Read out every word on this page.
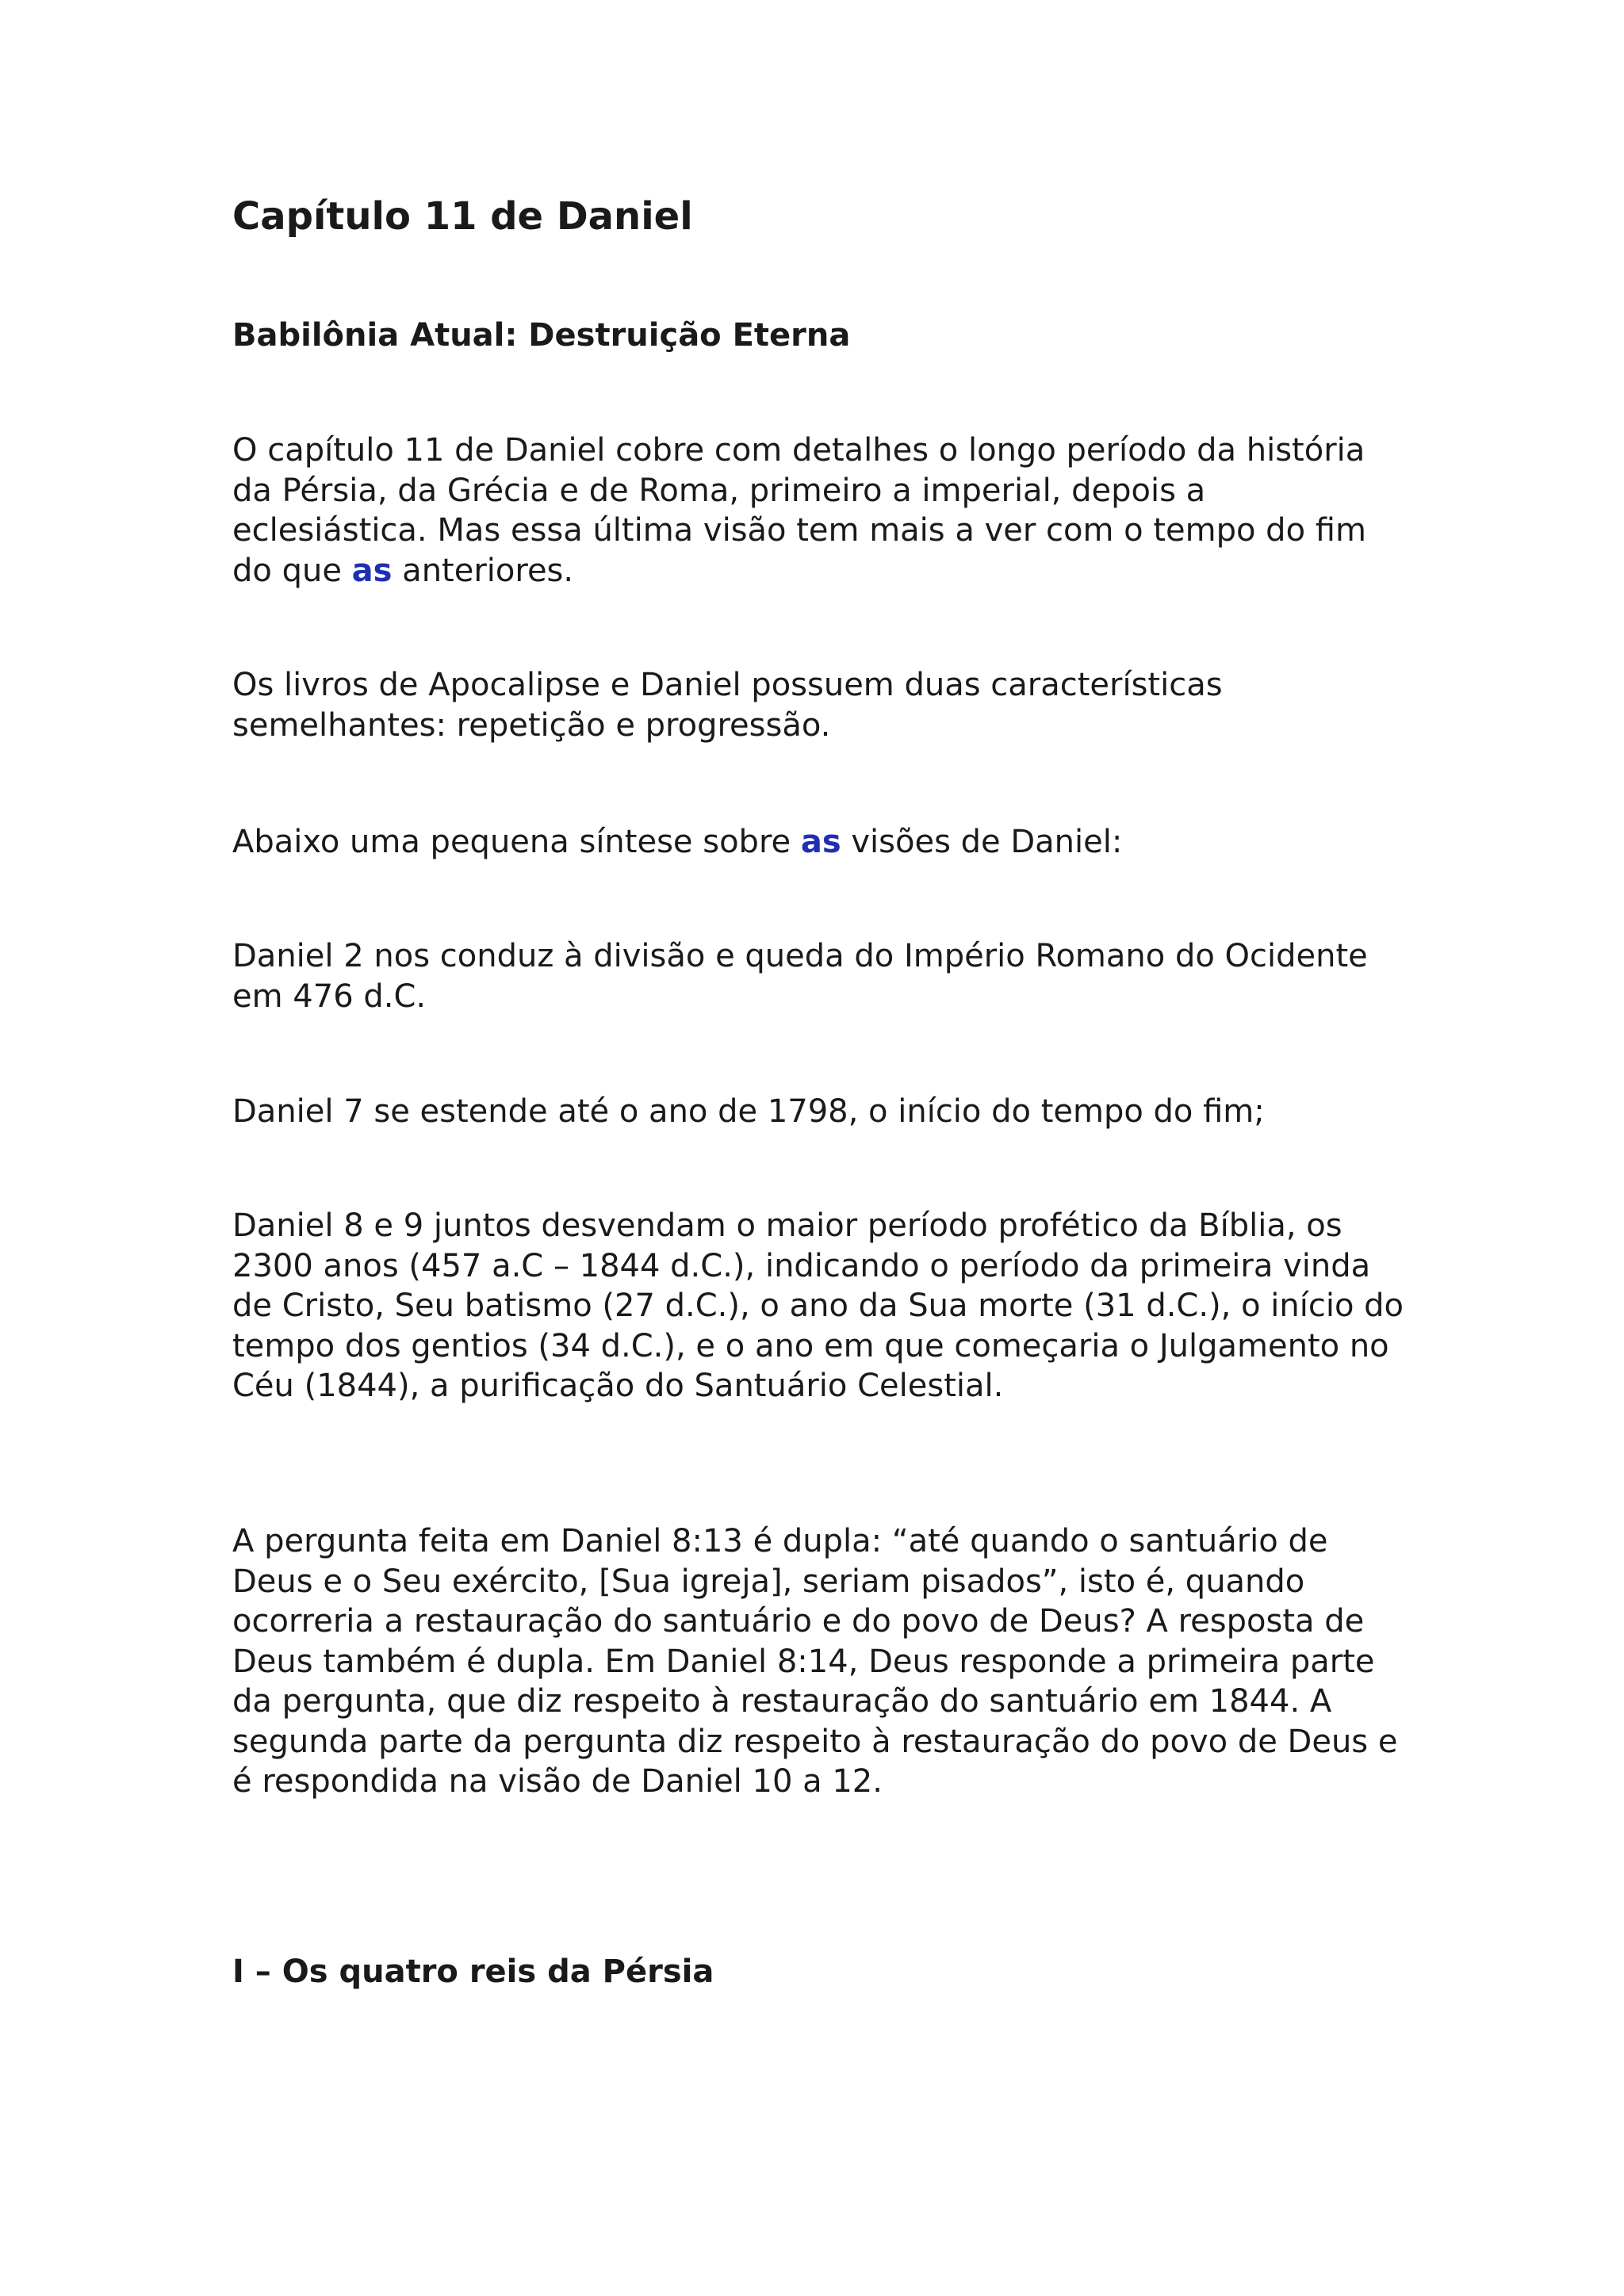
Capítulo 11 de Daniel
Babilônia Atual: Destruição Eterna

O capítulo 11 de Daniel cobre com detalhes o longo período da história da Pérsia, da Grécia e de Roma, primeiro a imperial, depois a eclesiástica. Mas essa última visão tem mais a ver com o tempo do fim do que as anteriores.

Os livros de Apocalipse e Daniel possuem duas características semelhantes: repetição e progressão.

Abaixo uma pequena síntese sobre as visões de Daniel:

Daniel 2 nos conduz à divisão e queda do Império Romano do Ocidente em 476 d.C.

Daniel 7 se estende até o ano de 1798, o início do tempo do fim;

Daniel 8 e 9 juntos desvendam o maior período profético da Bíblia, os 2300 anos (457 a.C – 1844 d.C.), indicando o período da primeira vinda de Cristo, Seu batismo (27 d.C.), o ano da Sua morte (31 d.C.), o início do tempo dos gentios (34 d.C.), e o ano em que começaria o Julgamento no Céu (1844), a purificação do Santuário Celestial.

A pergunta feita em Daniel 8:13 é dupla: “até quando o santuário de Deus e o Seu exército, [Sua igreja], seriam pisados”, isto é, quando ocorreria a restauração do santuário e do povo de Deus? A resposta de Deus também é dupla. Em Daniel 8:14, Deus responde a primeira parte da pergunta, que diz respeito à restauração do santuário em 1844. A segunda parte da pergunta diz respeito à restauração do povo de Deus e é respondida na visão de Daniel 10 a 12.

I – Os quatro reis da Pérsia
